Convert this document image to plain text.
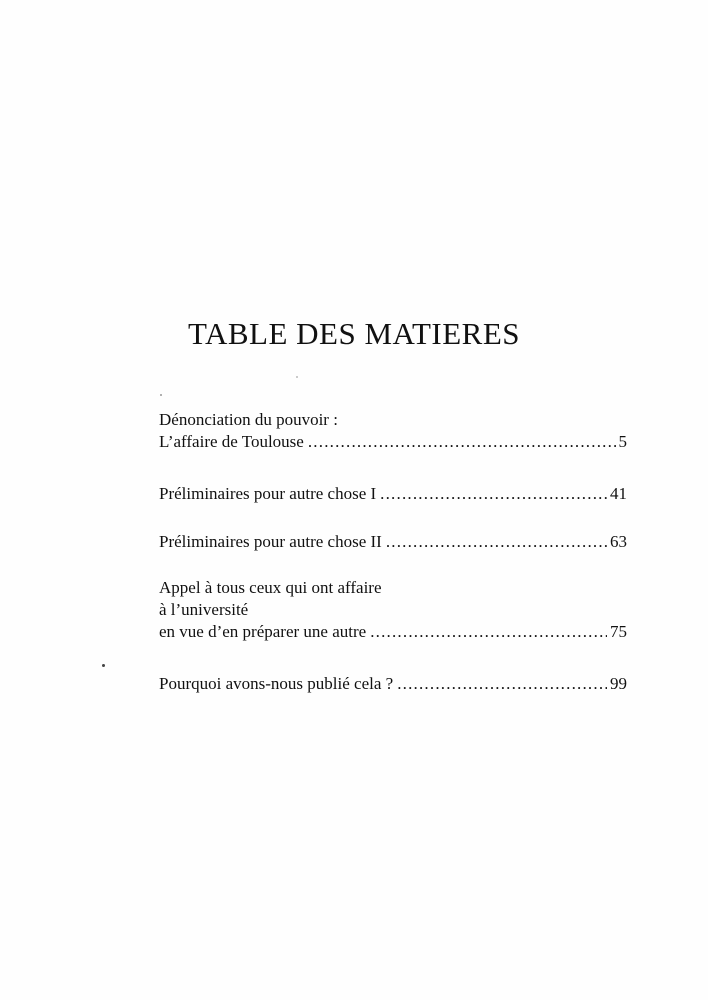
TABLE DES MATIERES
Dénonciation du pouvoir :
L’affaire de Toulouse .....	5
Préliminaires pour autre chose I .....	41
Préliminaires pour autre chose II .....	63
Appel à tous ceux qui ont affaire
à l’université
en vue d’en préparer une autre .....	75
Pourquoi avons-nous publié cela ? .....	99
